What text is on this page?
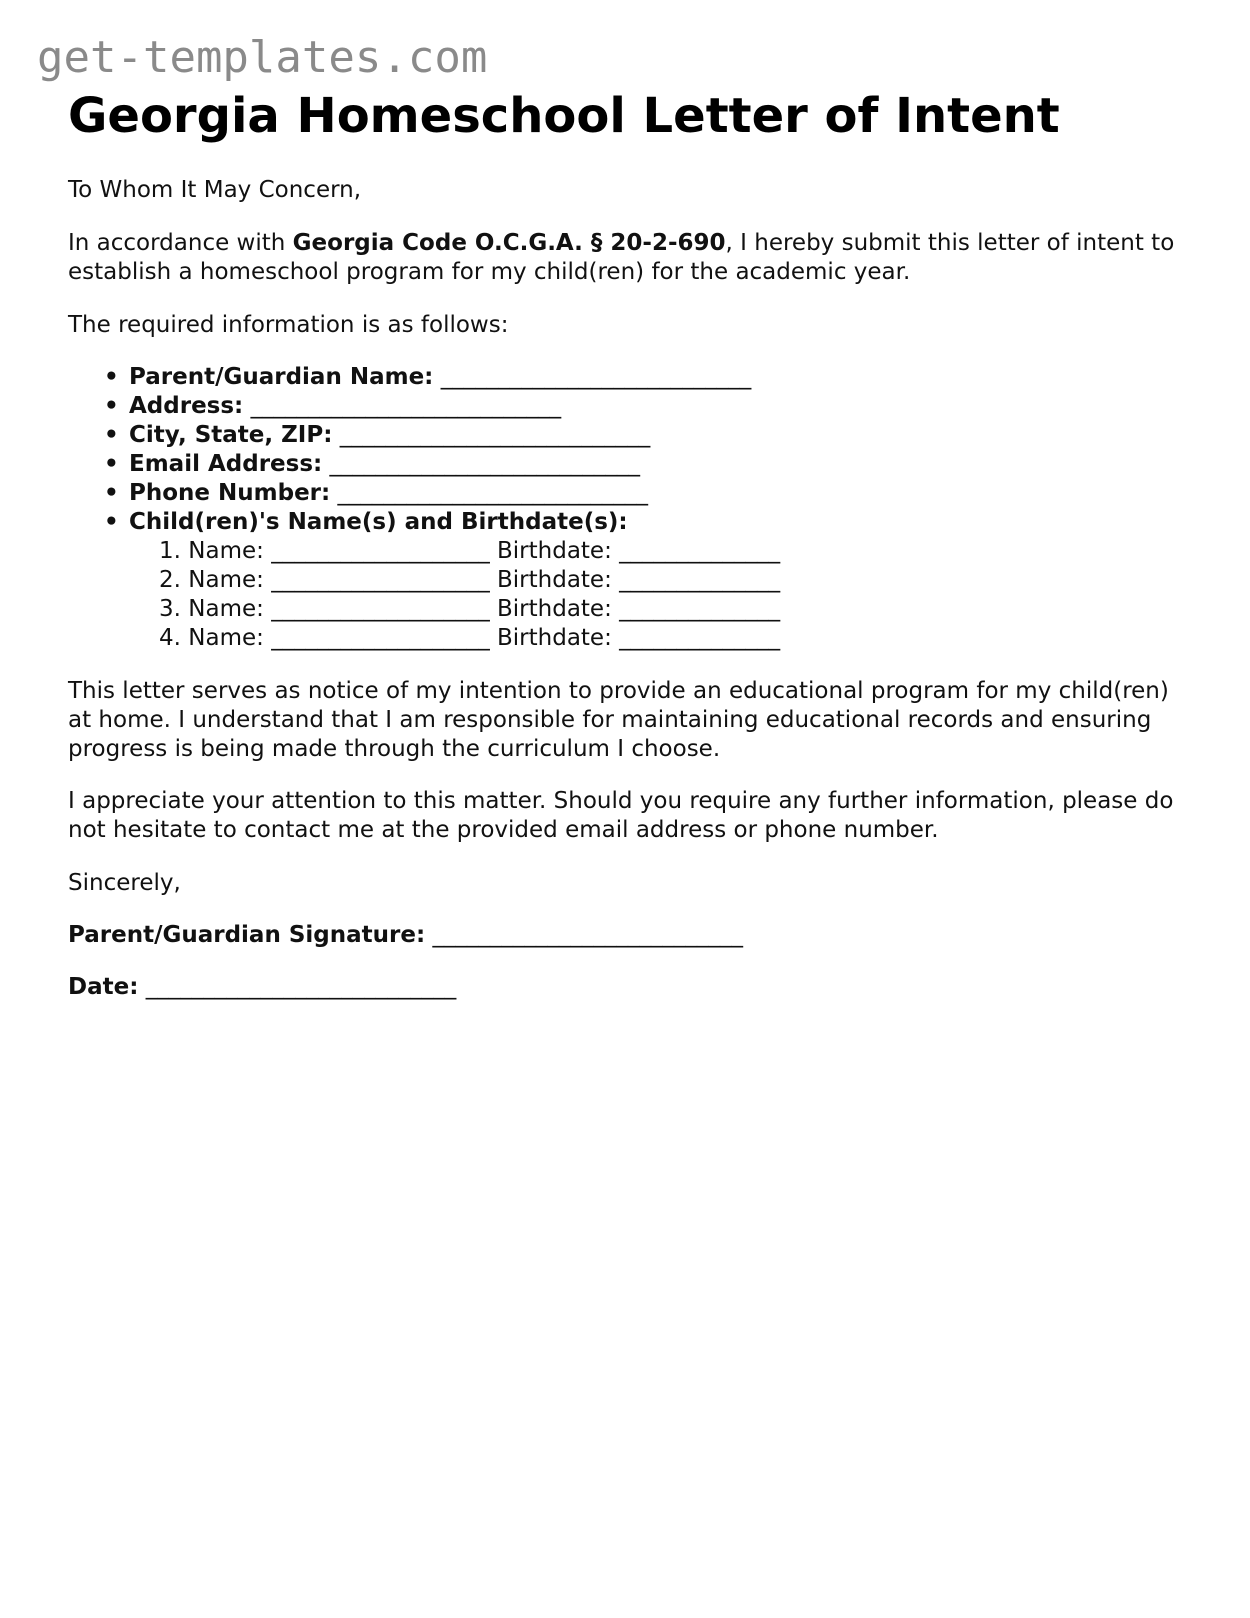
get-templates.com
Georgia Homeschool Letter of Intent

To Whom It May Concern,

In accordance with Georgia Code O.C.G.A. § 20-2-690, I hereby submit this letter of intent to establish a homeschool program for my child(ren) for the academic year.

The required information is as follows:

• Parent/Guardian Name: ___________________________
• Address: ___________________________
• City, State, ZIP: ___________________________
• Email Address: ___________________________
• Phone Number: ___________________________
• Child(ren)'s Name(s) and Birthdate(s):
1. Name: ___________________ Birthdate: ______________
2. Name: ___________________ Birthdate: ______________
3. Name: ___________________ Birthdate: ______________
4. Name: ___________________ Birthdate: ______________

This letter serves as notice of my intention to provide an educational program for my child(ren) at home. I understand that I am responsible for maintaining educational records and ensuring progress is being made through the curriculum I choose.

I appreciate your attention to this matter. Should you require any further information, please do not hesitate to contact me at the provided email address or phone number.

Sincerely,

Parent/Guardian Signature: ___________________________

Date: ___________________________
